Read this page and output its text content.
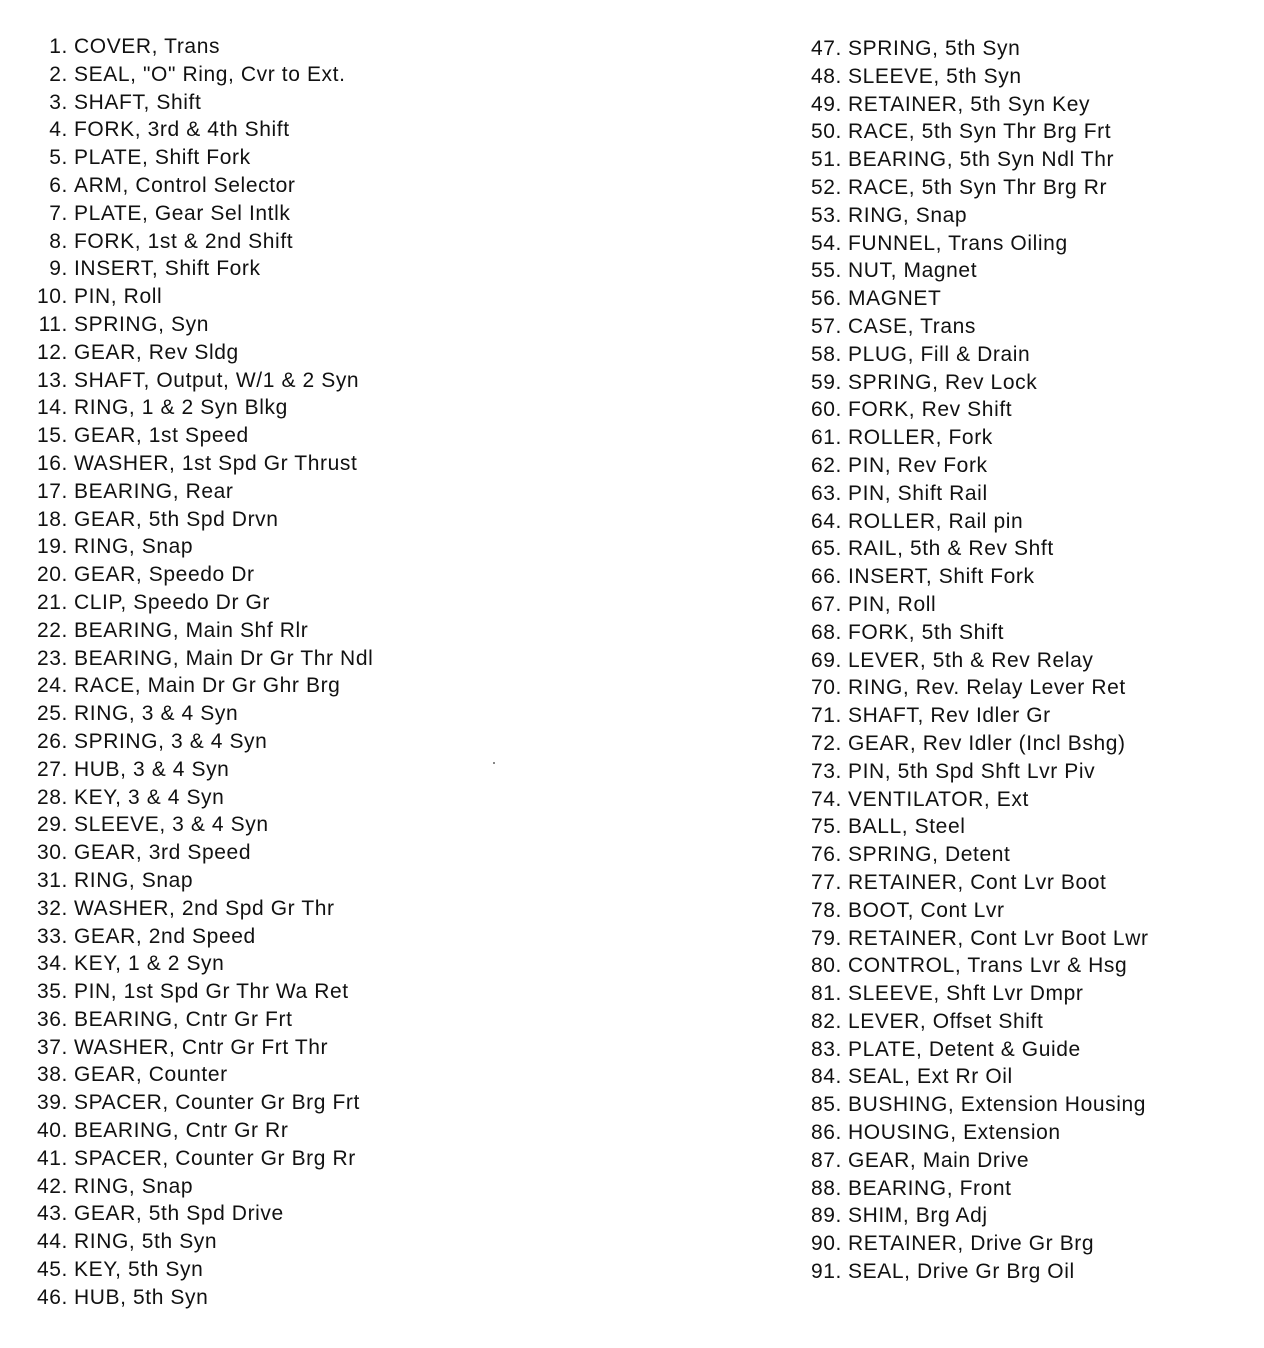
1. COVER, Trans
2. SEAL, "O" Ring, Cvr to Ext.
3. SHAFT, Shift
4. FORK, 3rd & 4th Shift
5. PLATE, Shift Fork
6. ARM, Control Selector
7. PLATE, Gear Sel Intlk
8. FORK, 1st & 2nd Shift
9. INSERT, Shift Fork
10. PIN, Roll
11. SPRING, Syn
12. GEAR, Rev Sldg
13. SHAFT, Output, W/1 & 2 Syn
14. RING, 1 & 2 Syn Blkg
15. GEAR, 1st Speed
16. WASHER, 1st Spd Gr Thrust
17. BEARING, Rear
18. GEAR, 5th Spd Drvn
19. RING, Snap
20. GEAR, Speedo Dr
21. CLIP, Speedo Dr Gr
22. BEARING, Main Shf Rlr
23. BEARING, Main Dr Gr Thr Ndl
24. RACE, Main Dr Gr Ghr Brg
25. RING, 3 & 4 Syn
26. SPRING, 3 & 4 Syn
27. HUB, 3 & 4 Syn
28. KEY, 3 & 4 Syn
29. SLEEVE, 3 & 4 Syn
30. GEAR, 3rd Speed
31. RING, Snap
32. WASHER, 2nd Spd Gr Thr
33. GEAR, 2nd Speed
34. KEY, 1 & 2 Syn
35. PIN, 1st Spd Gr Thr Wa Ret
36. BEARING, Cntr Gr Frt
37. WASHER, Cntr Gr Frt Thr
38. GEAR, Counter
39. SPACER, Counter Gr Brg Frt
40. BEARING, Cntr Gr Rr
41. SPACER, Counter Gr Brg Rr
42. RING, Snap
43. GEAR, 5th Spd Drive
44. RING, 5th Syn
45. KEY, 5th Syn
46. HUB, 5th Syn
47. SPRING, 5th Syn
48. SLEEVE, 5th Syn
49. RETAINER, 5th Syn Key
50. RACE, 5th Syn Thr Brg Frt
51. BEARING, 5th Syn Ndl Thr
52. RACE, 5th Syn Thr Brg Rr
53. RING, Snap
54. FUNNEL, Trans Oiling
55. NUT, Magnet
56. MAGNET
57. CASE, Trans
58. PLUG, Fill & Drain
59. SPRING, Rev Lock
60. FORK, Rev Shift
61. ROLLER, Fork
62. PIN, Rev Fork
63. PIN, Shift Rail
64. ROLLER, Rail pin
65. RAIL, 5th & Rev Shft
66. INSERT, Shift Fork
67. PIN, Roll
68. FORK, 5th Shift
69. LEVER, 5th & Rev Relay
70. RING, Rev. Relay Lever Ret
71. SHAFT, Rev Idler Gr
72. GEAR, Rev Idler (Incl Bshg)
73. PIN, 5th Spd Shft Lvr Piv
74. VENTILATOR, Ext
75. BALL, Steel
76. SPRING, Detent
77. RETAINER, Cont Lvr Boot
78. BOOT, Cont Lvr
79. RETAINER, Cont Lvr Boot Lwr
80. CONTROL, Trans Lvr & Hsg
81. SLEEVE, Shft Lvr Dmpr
82. LEVER, Offset Shift
83. PLATE, Detent & Guide
84. SEAL, Ext Rr Oil
85. BUSHING, Extension Housing
86. HOUSING, Extension
87. GEAR, Main Drive
88. BEARING, Front
89. SHIM, Brg Adj
90. RETAINER, Drive Gr Brg
91. SEAL, Drive Gr Brg Oil
